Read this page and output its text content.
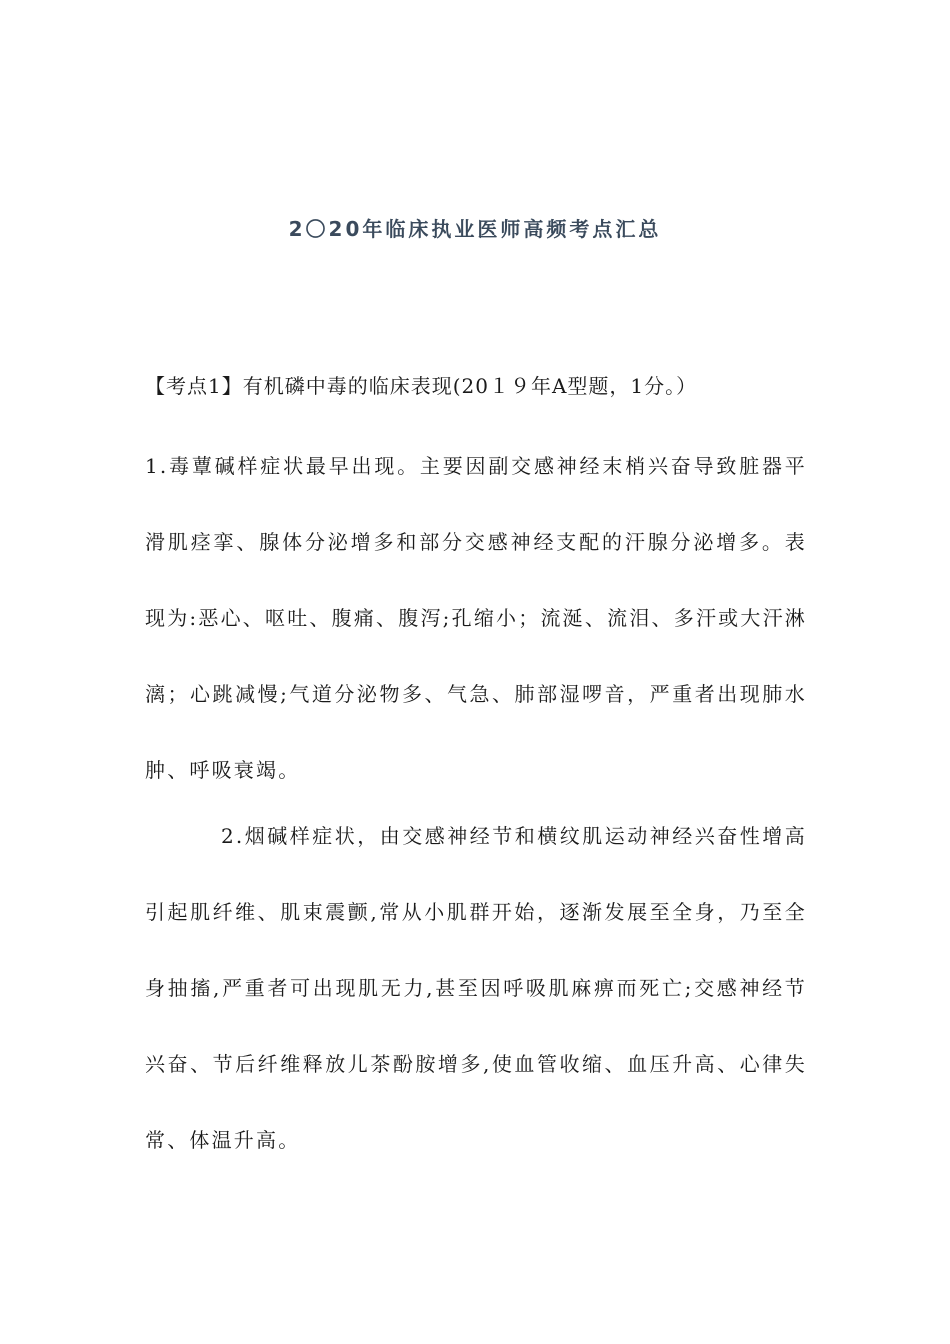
2〇20年临床执业医师高频考点汇总
【考点1】有机磷中毒的临床表现(20１９年A型题，1分。）

1.毒蕈碱样症状最早出现。主要因副交感神经末梢兴奋导致脏器平滑肌痉挛、腺体分泌增多和部分交感神经支配的汗腺分泌增多。表现为:恶心、呕吐、腹痛、腹泻;孔缩小；流涎、流泪、多汗或大汗淋漓；心跳减慢;气道分泌物多、气急、肺部湿啰音，严重者出现肺水肿、呼吸衰竭。

2.烟碱样症状，由交感神经节和横纹肌运动神经兴奋性增高引起肌纤维、肌束震颤,常从小肌群开始，逐渐发展至全身，乃至全身抽搐,严重者可出现肌无力,甚至因呼吸肌麻痹而死亡;交感神经节兴奋、节后纤维释放儿茶酚胺增多,使血管收缩、血压升高、心律失常、体温升高。
